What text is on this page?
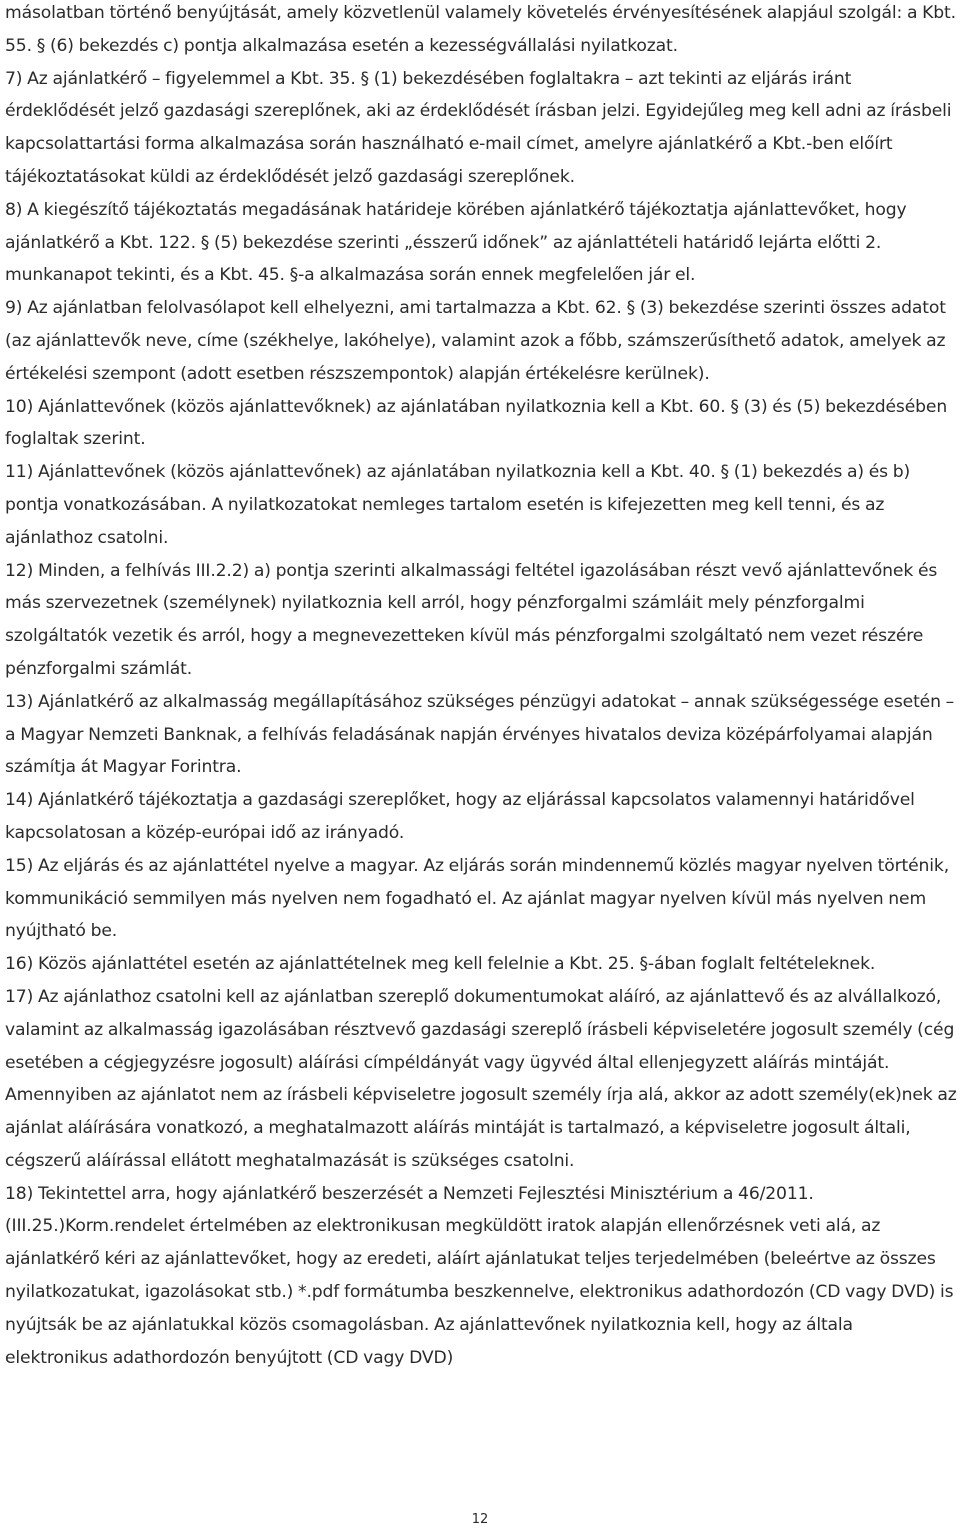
másolatban történő benyújtását, amely közvetlenül valamely követelés érvényesítésének alapjául szolgál: a Kbt. 55. § (6) bekezdés c) pontja alkalmazása esetén a kezességvállalási nyilatkozat.

7) Az ajánlatkérő – figyelemmel a Kbt. 35. § (1) bekezdésében foglaltakra – azt tekinti az eljárás iránt érdeklődését jelző gazdasági szereplőnek, aki az érdeklődését írásban jelzi. Egyidejűleg meg kell adni az írásbeli kapcsolattartási forma alkalmazása során használható e-mail címet, amelyre ajánlatkérő a Kbt.-ben előírt tájékoztatásokat küldi az érdeklődését jelző gazdasági szereplőnek.

8) A kiegészítő tájékoztatás megadásának határideje körében ajánlatkérő tájékoztatja ajánlattevőket, hogy ajánlatkérő a Kbt. 122. § (5) bekezdése szerinti „ésszerű időnek” az ajánlattételi határidő lejárta előtti 2. munkanapot tekinti, és a Kbt. 45. §-a alkalmazása során ennek megfelelően jár el.

9) Az ajánlatban felolvasólapot kell elhelyezni, ami tartalmazza a Kbt. 62. § (3) bekezdése szerinti összes adatot (az ajánlattevők neve, címe (székhelye, lakóhelye), valamint azok a főbb, számszerűsíthető adatok, amelyek az értékelési szempont (adott esetben részszempontok) alapján értékelésre kerülnek).

10) Ajánlattevőnek (közös ajánlattevőknek) az ajánlatában nyilatkoznia kell a Kbt. 60. § (3) és (5) bekezdésében foglaltak szerint.

11) Ajánlattevőnek (közös ajánlattevőnek) az ajánlatában nyilatkoznia kell a Kbt. 40. § (1) bekezdés a) és b) pontja vonatkozásában. A nyilatkozatokat nemleges tartalom esetén is kifejezetten meg kell tenni, és az ajánlathoz csatolni.

12) Minden, a felhívás III.2.2) a) pontja szerinti alkalmassági feltétel igazolásában részt vevő ajánlattevőnek és más szervezetnek (személynek) nyilatkoznia kell arról, hogy pénzforgalmi számláit mely pénzforgalmi szolgáltatók vezetik és arról, hogy a megnevezetteken kívül más pénzforgalmi szolgáltató nem vezet részére pénzforgalmi számlát.

13) Ajánlatkérő az alkalmasság megállapításához szükséges pénzügyi adatokat – annak szükségessége esetén – a Magyar Nemzeti Banknak, a felhívás feladásának napján érvényes hivatalos deviza középárfolyamai alapján számítja át Magyar Forintra.

14) Ajánlatkérő tájékoztatja a gazdasági szereplőket, hogy az eljárással kapcsolatos valamennyi határidővel kapcsolatosan a közép-európai idő az irányadó.

15) Az eljárás és az ajánlattétel nyelve a magyar. Az eljárás során mindennemű közlés magyar nyelven történik, kommunikáció semmilyen más nyelven nem fogadható el. Az ajánlat magyar nyelven kívül más nyelven nem nyújtható be.

16) Közös ajánlattétel esetén az ajánlattételnek meg kell felelnie a Kbt. 25. §-ában foglalt feltételeknek.

17) Az ajánlathoz csatolni kell az ajánlatban szereplő dokumentumokat aláíró, az ajánlattevő és az alvállalkozó, valamint az alkalmasság igazolásában résztvevő gazdasági szereplő írásbeli képviseletére jogosult személy (cég esetében a cégjegyzésre jogosult) aláírási címpéldányát vagy ügyvéd által ellenjegyzett aláírás mintáját. Amennyiben az ajánlatot nem az írásbeli képviseletre jogosult személy írja alá, akkor az adott személy(ek)nek az ajánlat aláírására vonatkozó, a meghatalmazott aláírás mintáját is tartalmazó, a képviseletre jogosult általi, cégszerű aláírással ellátott meghatalmazását is szükséges csatolni.

18) Tekintettel arra, hogy ajánlatkérő beszerzését a Nemzeti Fejlesztési Minisztérium a 46/2011. (III.25.)Korm.rendelet értelmében az elektronikusan megküldött iratok alapján ellenőrzésnek veti alá, az ajánlatkérő kéri az ajánlattevőket, hogy az eredeti, aláírt ajánlatukat teljes terjedelmében (beleértve az összes nyilatkozatukat, igazolásokat stb.) *.pdf formátumba beszkennelve, elektronikus adathordozón (CD vagy DVD) is nyújtsák be az ajánlatukkal közös csomagolásban. Az ajánlattevőnek nyilatkoznia kell, hogy az általa elektronikus adathordozón benyújtott (CD vagy DVD)

12
